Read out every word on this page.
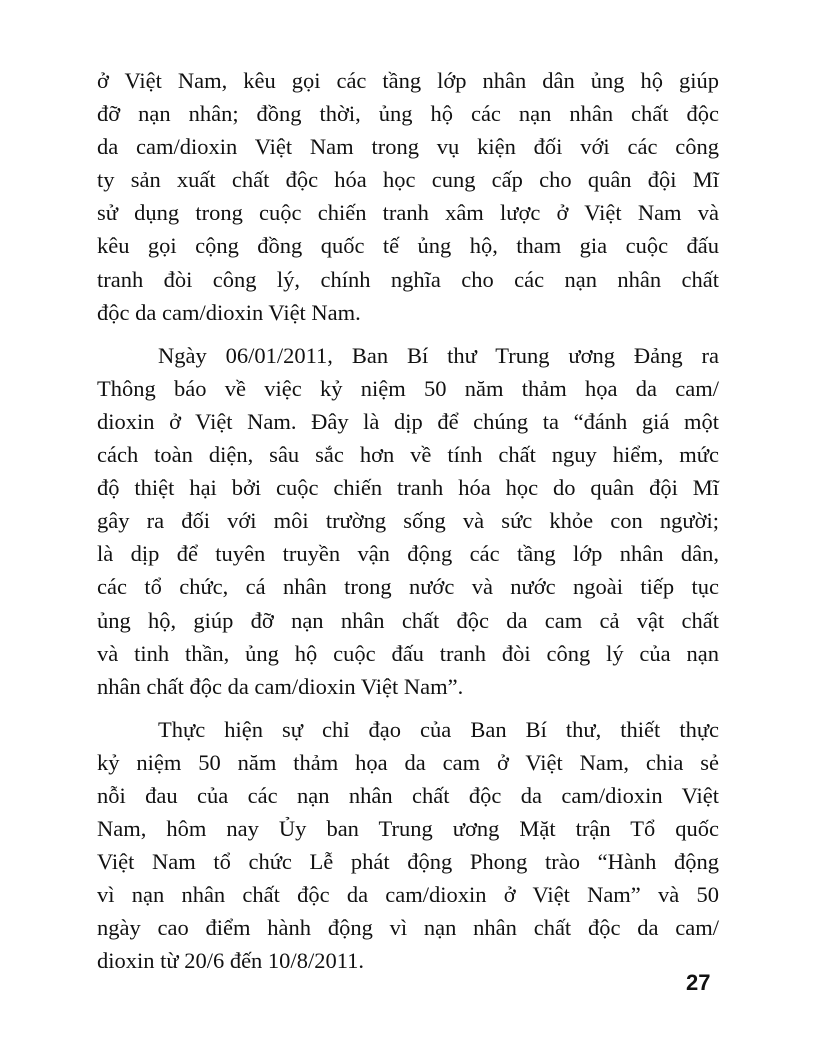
ở Việt Nam, kêu gọi các tầng lớp nhân dân ủng hộ giúp
đỡ nạn nhân; đồng thời, ủng hộ các nạn nhân chất độc
da cam/dioxin Việt Nam trong vụ kiện đối với các công
ty sản xuất chất độc hóa học cung cấp cho quân đội Mĩ
sử dụng trong cuộc chiến tranh xâm lược ở Việt Nam và
kêu gọi cộng đồng quốc tế ủng hộ, tham gia cuộc đấu
tranh đòi công lý, chính nghĩa cho các nạn nhân chất
độc da cam/dioxin Việt Nam.
Ngày 06/01/2011, Ban Bí thư Trung ương Đảng ra
Thông báo về việc kỷ niệm 50 năm thảm họa da cam/
dioxin ở Việt Nam. Đây là dịp để chúng ta “đánh giá một
cách toàn diện, sâu sắc hơn về tính chất nguy hiểm, mức
độ thiệt hại bởi cuộc chiến tranh hóa học do quân đội Mĩ
gây ra đối với môi trường sống và sức khỏe con người;
là dịp để tuyên truyền vận động các tầng lớp nhân dân,
các tổ chức, cá nhân trong nước và nước ngoài tiếp tục
ủng hộ, giúp đỡ nạn nhân chất độc da cam cả vật chất
và tinh thần, ủng hộ cuộc đấu tranh đòi công lý của nạn
nhân chất độc da cam/dioxin Việt Nam”.
Thực hiện sự chỉ đạo của Ban Bí thư, thiết thực
kỷ niệm 50 năm thảm họa da cam ở Việt Nam, chia sẻ
nỗi đau của các nạn nhân chất độc da cam/dioxin Việt
Nam, hôm nay Ủy ban Trung ương Mặt trận Tổ quốc
Việt Nam tổ chức Lễ phát động Phong trào “Hành động
vì nạn nhân chất độc da cam/dioxin ở Việt Nam” và 50
ngày cao điểm hành động vì nạn nhân chất độc da cam/
dioxin từ 20/6 đến 10/8/2011.
27
